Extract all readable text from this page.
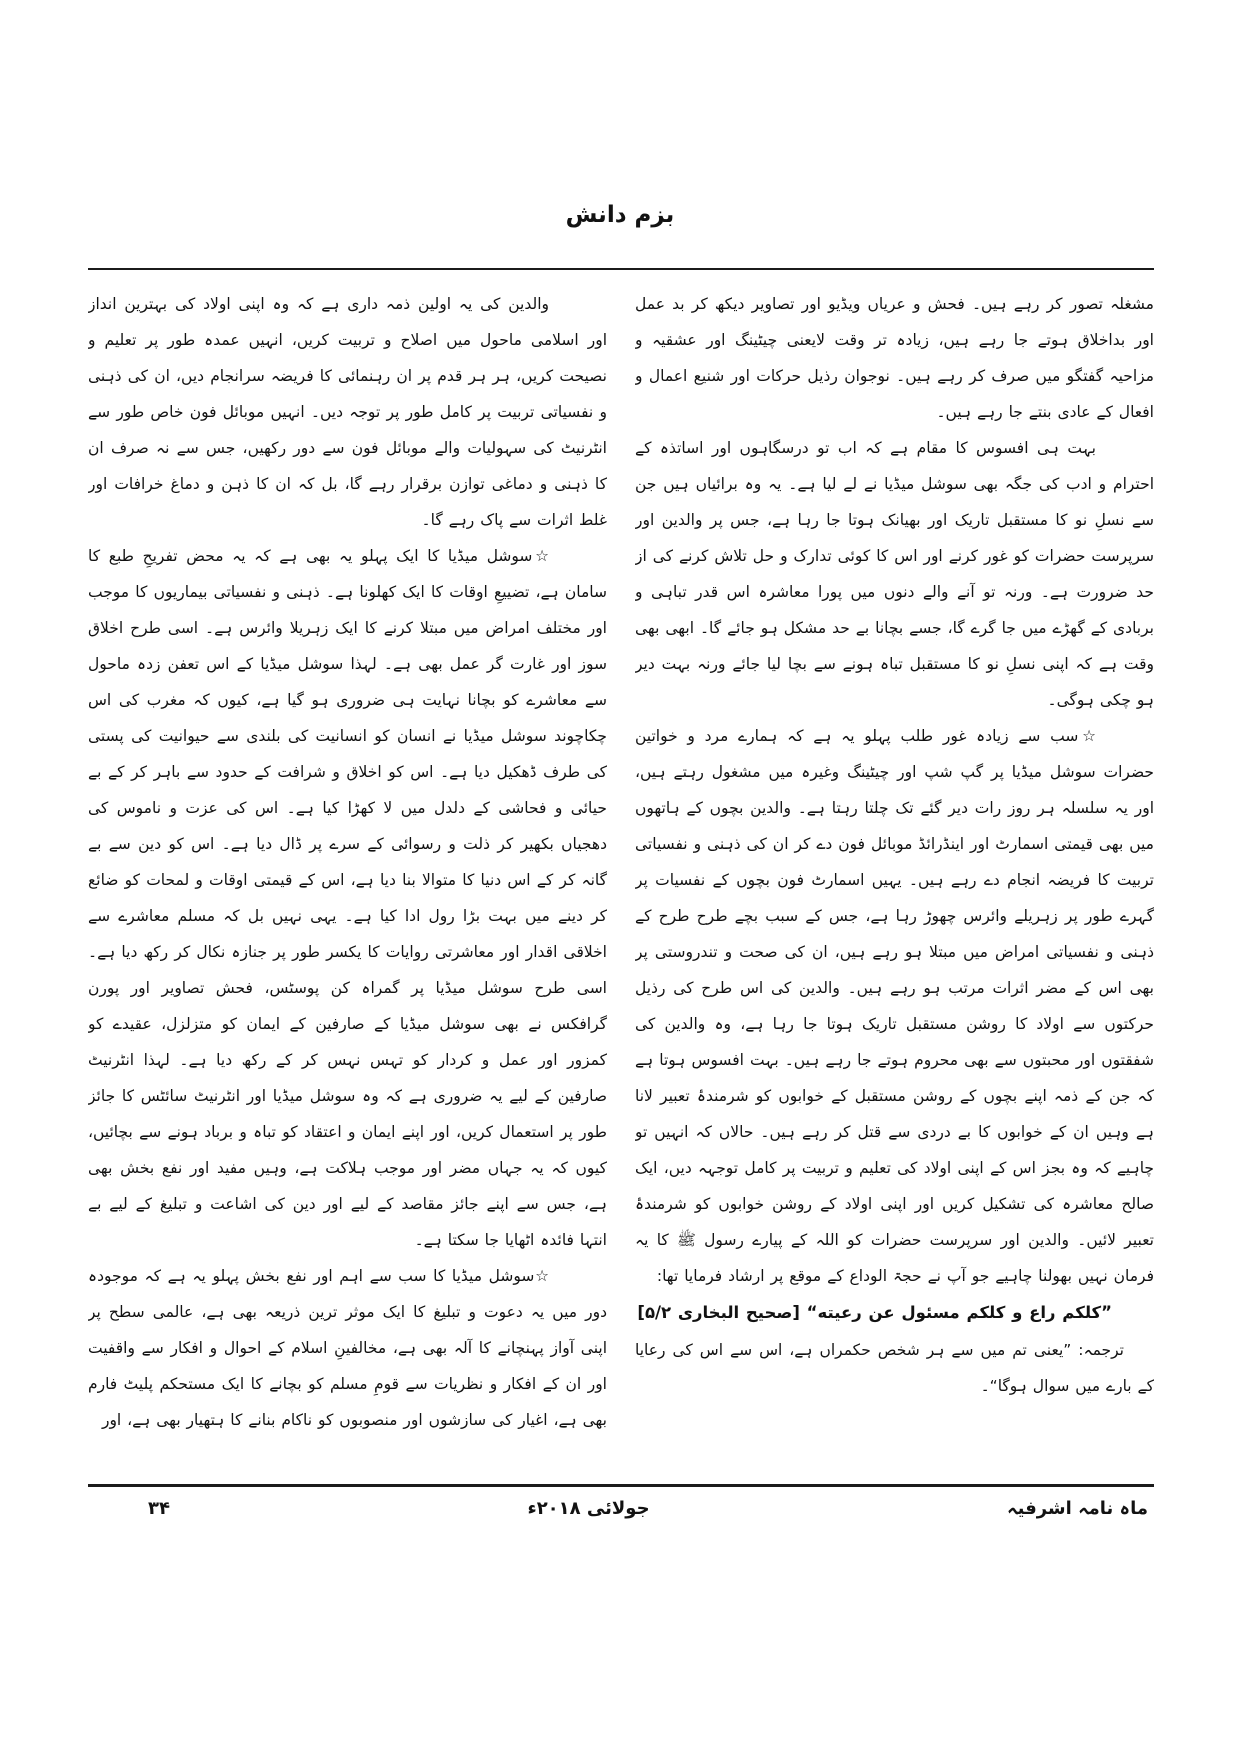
بزم دانش

مشغلہ تصور کر رہے ہیں۔ فحش و عریاں ویڈیو اور تصاویر دیکھ کر بد عمل اور بداخلاق ہوتے جا رہے ہیں، زیادہ تر وقت لایعنی چیٹینگ اور عشقیہ و مزاحیہ گفتگو میں صرف کر رہے ہیں۔ نوجوان رذیل حرکات اور شنیع اعمال و افعال کے عادی بنتے جا رہے ہیں۔

بہت ہی افسوس کا مقام ہے کہ اب تو درسگاہوں اور اساتذہ کے احترام و ادب کی جگہ بھی سوشل میڈیا نے لے لیا ہے۔ یہ وہ برائیاں ہیں جن سے نسلِ نو کا مستقبل تاریک اور بھیانک ہوتا جا رہا ہے، جس پر والدین اور سرپرست حضرات کو غور کرنے اور اس کا کوئی تدارک و حل تلاش کرنے کی از حد ضرورت ہے۔ ورنہ تو آنے والے دنوں میں پورا معاشرہ اس قدر تباہی و بربادی کے گھڑے میں جا گرے گا، جسے بچانا بے حد مشکل ہو جائے گا۔ ابھی بھی وقت ہے کہ اپنی نسلِ نو کا مستقبل تباہ ہونے سے بچا لیا جائے ورنہ بہت دیر ہو چکی ہوگی۔

☆سب سے زیادہ غور طلب پہلو یہ ہے کہ ہمارے مرد و خواتین حضرات سوشل میڈیا پر گپ شپ اور چیٹینگ وغیرہ میں مشغول رہتے ہیں، اور یہ سلسلہ ہر روز رات دیر گئے تک چلتا رہتا ہے۔ والدین بچوں کے ہاتھوں میں بھی قیمتی اسمارٹ اور اینڈرائڈ موبائل فون دے کر ان کی ذہنی و نفسیاتی تربیت کا فریضہ انجام دے رہے ہیں۔ یہیں اسمارٹ فون بچوں کے نفسیات پر گہرے طور پر زہریلے وائرس چھوڑ رہا ہے، جس کے سبب بچے طرح طرح کے ذہنی و نفسیاتی امراض میں مبتلا ہو رہے ہیں، ان کی صحت و تندروستی پر بھی اس کے مضر اثرات مرتب ہو رہے ہیں۔ والدین کی اس طرح کی رذیل حرکتوں سے اولاد کا روشن مستقبل تاریک ہوتا جا رہا ہے، وہ والدین کی شفقتوں اور محبتوں سے بھی محروم ہوتے جا رہے ہیں۔ بہت افسوس ہوتا ہے کہ جن کے ذمہ اپنے بچوں کے روشن مستقبل کے خوابوں کو شرمندۂ تعبیر لانا ہے وہیں ان کے خوابوں کا بے دردی سے قتل کر رہے ہیں۔ حالاں کہ انہیں تو چاہیے کہ وہ بجز اس کے اپنی اولاد کی تعلیم و تربیت پر کامل توجہہ دیں، ایک صالح معاشرہ کی تشکیل کریں اور اپنی اولاد کے روشن خوابوں کو شرمندۂ تعبیر لائیں۔ والدین اور سرپرست حضرات کو اللہ کے پیارے رسول ﷺ کا یہ فرمان نہیں بھولنا چاہیے جو آپ نے حجۃ الوداع کے موقع پر ارشاد فرمایا تھا:

”کلکم راع و کلکم مسئول عن رعیته“ [صحیح البخاری ۵/۲]

ترجمہ: ”یعنی تم میں سے ہر شخص حکمراں ہے، اس سے اس کی رعایا کے بارے میں سوال ہوگا“۔

والدین کی یہ اولین ذمہ داری ہے کہ وہ اپنی اولاد کی بہترین انداز اور اسلامی ماحول میں اصلاح و تربیت کریں، انہیں عمدہ طور پر تعلیم و نصیحت کریں، ہر ہر قدم پر ان رہنمائی کا فریضہ سرانجام دیں، ان کی ذہنی و نفسیاتی تربیت پر کامل طور پر توجہ دیں۔ انہیں موبائل فون خاص طور سے انٹرنیٹ کی سہولیات والے موبائل فون سے دور رکھیں، جس سے نہ صرف ان کا ذہنی و دماغی توازن برقرار رہے گا، بل کہ ان کا ذہن و دماغ خرافات اور غلط اثرات سے پاک رہے گا۔

☆سوشل میڈیا کا ایک پہلو یہ بھی ہے کہ یہ محض تفریحِ طبع کا سامان ہے، تضییعِ اوقات کا ایک کھلونا ہے۔ ذہنی و نفسیاتی بیماریوں کا موجب اور مختلف امراض میں مبتلا کرنے کا ایک زہریلا وائرس ہے۔ اسی طرح اخلاق سوز اور غارت گر عمل بھی ہے۔ لہذا سوشل میڈیا کے اس تعفن زدہ ماحول سے معاشرے کو بچانا نہایت ہی ضروری ہو گیا ہے، کیوں کہ مغرب کی اس چکاچوند سوشل میڈیا نے انسان کو انسانیت کی بلندی سے حیوانیت کی پستی کی طرف ڈھکیل دیا ہے۔ اس کو اخلاق و شرافت کے حدود سے باہر کر کے بے حیائی و فحاشی کے دلدل میں لا کھڑا کیا ہے۔ اس کی عزت و ناموس کی دھجیاں بکھیر کر ذلت و رسوائی کے سرے پر ڈال دیا ہے۔ اس کو دین سے بے گانہ کر کے اس دنیا کا متوالا بنا دیا ہے، اس کے قیمتی اوقات و لمحات کو ضائع کر دینے میں بہت بڑا رول ادا کیا ہے۔ یہی نہیں بل کہ مسلم معاشرے سے اخلاقی اقدار اور معاشرتی روایات کا یکسر طور پر جنازہ نکال کر رکھ دیا ہے۔ اسی طرح سوشل میڈیا پر گمراہ کن پوسٹس، فحش تصاویر اور پورن گرافکس نے بھی سوشل میڈیا کے صارفین کے ایمان کو متزلزل، عقیدے کو کمزور اور عمل و کردار کو تہس نہس کر کے رکھ دیا ہے۔ لہذا انٹرنیٹ صارفین کے لیے یہ ضروری ہے کہ وہ سوشل میڈیا اور انٹرنیٹ سائٹس کا جائز طور پر استعمال کریں، اور اپنے ایمان و اعتقاد کو تباہ و برباد ہونے سے بچائیں، کیوں کہ یہ جہاں مضر اور موجب ہلاکت ہے، وہیں مفید اور نفع بخش بھی ہے، جس سے اپنے جائز مقاصد کے لیے اور دین کی اشاعت و تبلیغ کے لیے بے انتہا فائدہ اٹھایا جا سکتا ہے۔

☆سوشل میڈیا کا سب سے اہم اور نفع بخش پہلو یہ ہے کہ موجودہ دور میں یہ دعوت و تبلیغ کا ایک موثر ترین ذریعہ بھی ہے، عالمی سطح پر اپنی آواز پہنچانے کا آلہ بھی ہے، مخالفینِ اسلام کے احوال و افکار سے واقفیت اور ان کے افکار و نظریات سے قومِ مسلم کو بچانے کا ایک مستحکم پلیٹ فارم بھی ہے، اغیار کی سازشوں اور منصوبوں کو ناکام بنانے کا ہتھیار بھی ہے، اور

ماہ نامہ اشرفیہ
جولائی ۲۰۱۸ء
۳۴
